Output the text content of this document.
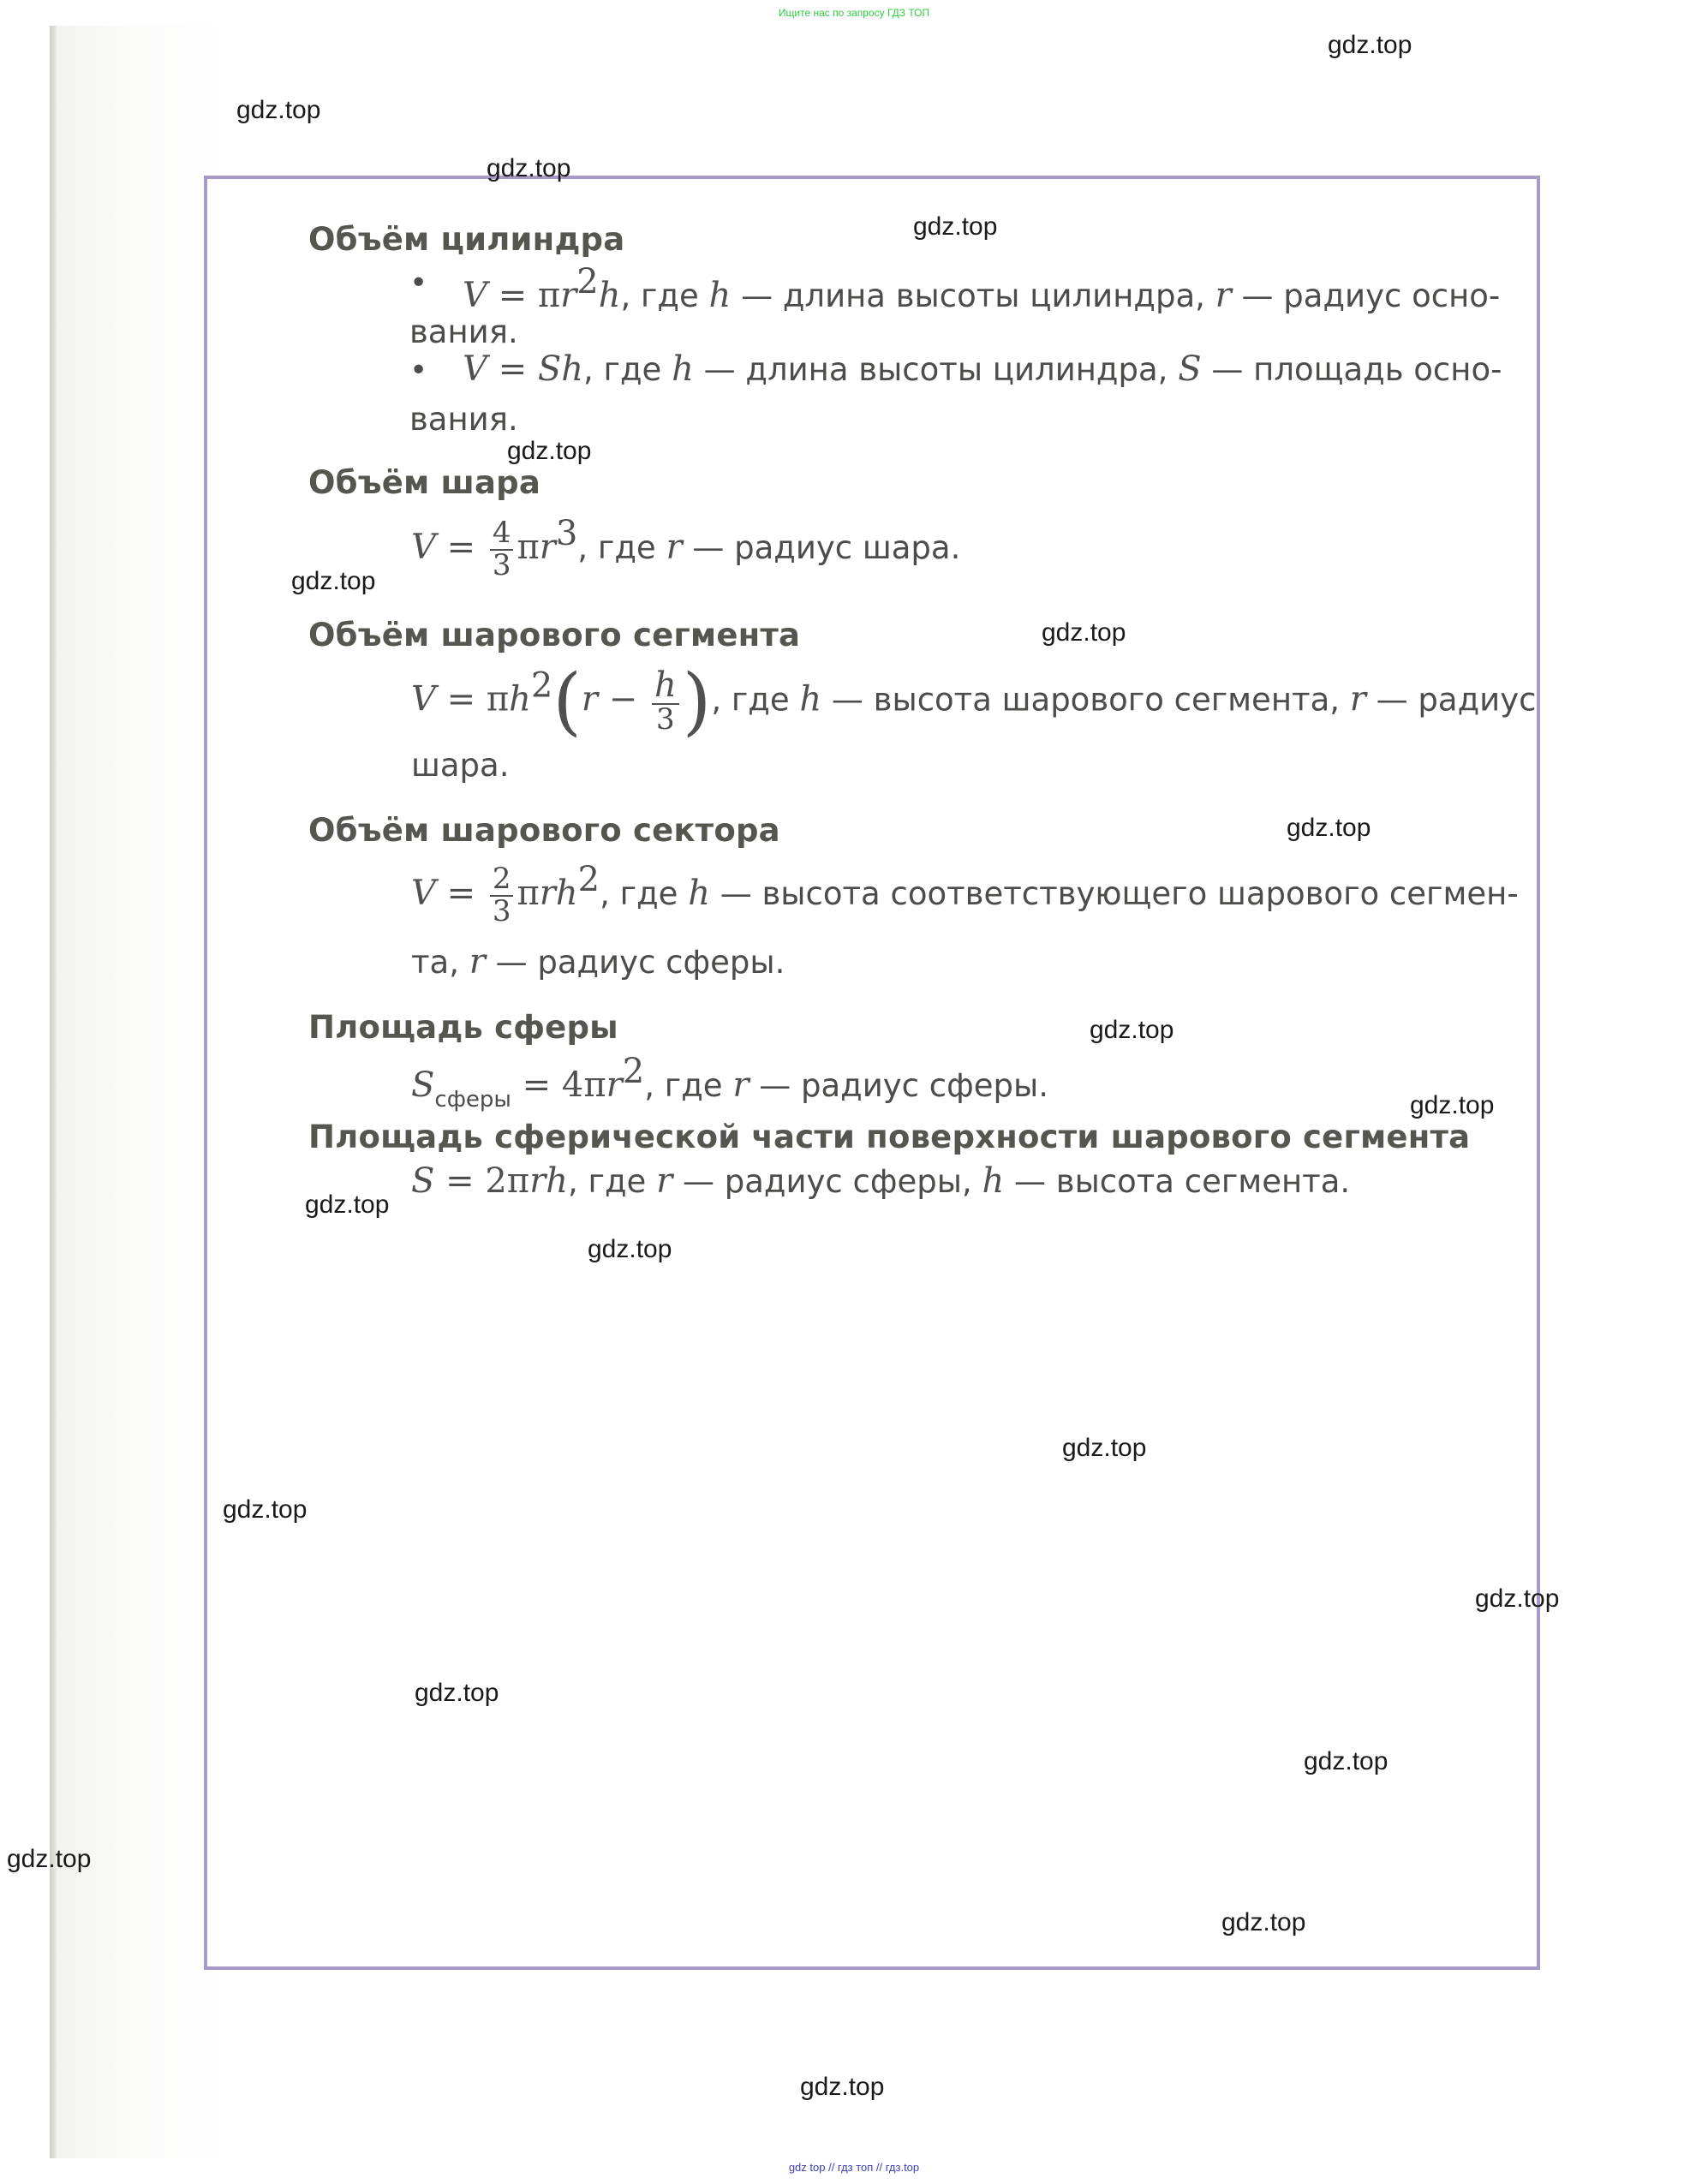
Ищите нас по запросу ГДЗ ТОП
Объём цилиндра
• $V = \pi r^2h$, где h — длина высоты цилиндра, r — радиус осно-
вания.
• V = Sh, где h — длина высоты цилиндра, S — площадь осно-
вания.
Объём шара
$V = \frac{4}{3} \pi r^3$, где r — радиус шара.
Объём шарового сегмента
$V = \pi h^2(r - \frac{h}{3}$ ), где h — высота шарового сегмента, r — радиус
шара.
Объём шарового сектора
$V = \frac{2}{3} \pi rh^2$, где h — высота соответствующего шарового сегмен-
та, r — радиус сферы.
Площадь сферы
$S_{сферы} = 4\pi r^2$, где r — радиус сферы.
Площадь сферической части поверхности шарового сегмента
S = 2πrh, где r — радиус сферы, h — высота сегмента.
gdz.top
gdz.top
gdz.top
gdz.top
gdz.top
gdz.top
gdz.top
gdz.top
gdz.top
gdz.top
gdz.top
gdz.top
gdz.top
gdz.top
gdz.top
gdz.top
gdz.top
gdz.top
gdz.top
gdz.top
gdz top // гдз топ // гдз.top
